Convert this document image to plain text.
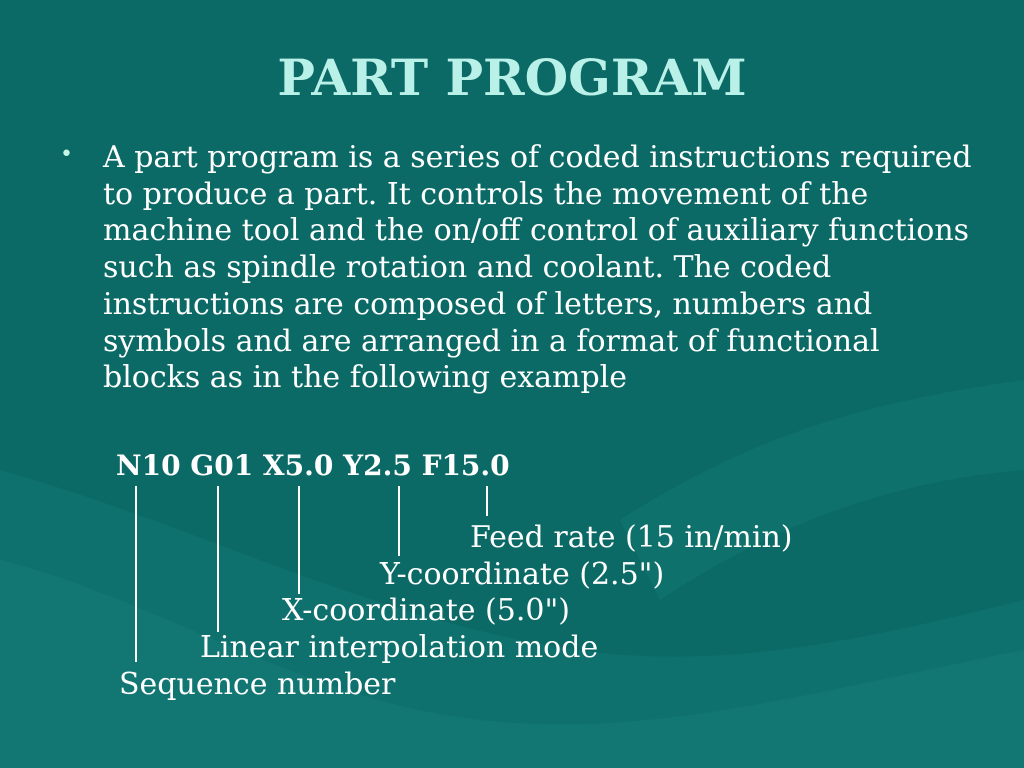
PART PROGRAM
• A part program is a series of coded instructions required to produce a part. It controls the movement of the machine tool and the on/off control of auxiliary functions such as spindle rotation and coolant. The coded instructions are composed of letters, numbers and symbols and are arranged in a format of functional blocks as in the following example
N10 G01 X5.0 Y2.5 F15.0
Feed rate (15 in/min)
Y-coordinate (2.5")
X-coordinate (5.0")
Linear interpolation mode
Sequence number
